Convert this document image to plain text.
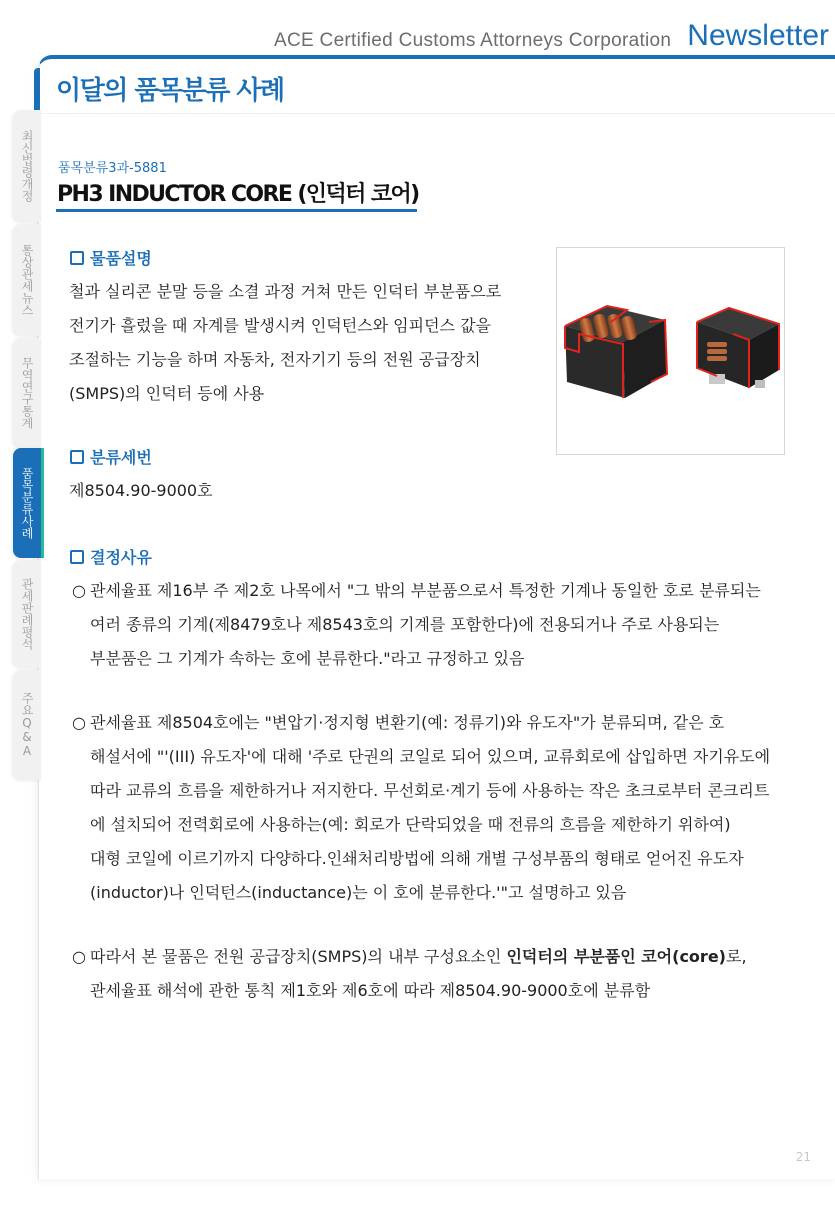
ACE Certified Customs Attorneys Corporation Newsletter
이달의 품목분류 사례
최신법령개정
통상관세뉴스
무역연구통계
품목분류사례
관세판례평석
주요Q&A
품목분류3과-5881
PH3 INDUCTOR CORE (인덕터 코어)
물품설명
철과 실리콘 분말 등을 소결 과정 거쳐 만든 인덕터 부분품으로
전기가 흘렀을 때 자계를 발생시켜 인덕턴스와 임피던스 값을
조절하는 기능을 하며 자동차, 전자기기 등의 전원 공급장치
(SMPS)의 인덕터 등에 사용
분류세번
제8504.90-9000호
결정사유
○ 관세율표 제16부 주 제2호 나목에서 "그 밖의 부분품으로서 특정한 기계나 동일한 호로 분류되는
여러 종류의 기계(제8479호나 제8543호의 기계를 포함한다)에 전용되거나 주로 사용되는
부분품은 그 기계가 속하는 호에 분류한다."라고 규정하고 있음
○ 관세율표 제8504호에는 "변압기·정지형 변환기(예: 정류기)와 유도자"가 분류되며, 같은 호
해설서에 "'(III) 유도자'에 대해 '주로 단권의 코일로 되어 있으며, 교류회로에 삽입하면 자기유도에
따라 교류의 흐름을 제한하거나 저지한다. 무선회로·계기 등에 사용하는 작은 초크로부터 콘크리트
에 설치되어 전력회로에 사용하는(예: 회로가 단락되었을 때 전류의 흐름을 제한하기 위하여)
대형 코일에 이르기까지 다양하다.인쇄처리방법에 의해 개별 구성부품의 형태로 얻어진 유도자
(inductor)나 인덕턴스(inductance)는 이 호에 분류한다.'"고 설명하고 있음
○ 따라서 본 물품은 전원 공급장치(SMPS)의 내부 구성요소인 인덕터의 부분품인 코어(core)로,
관세율표 해석에 관한 통칙 제1호와 제6호에 따라 제8504.90-9000호에 분류함
21
